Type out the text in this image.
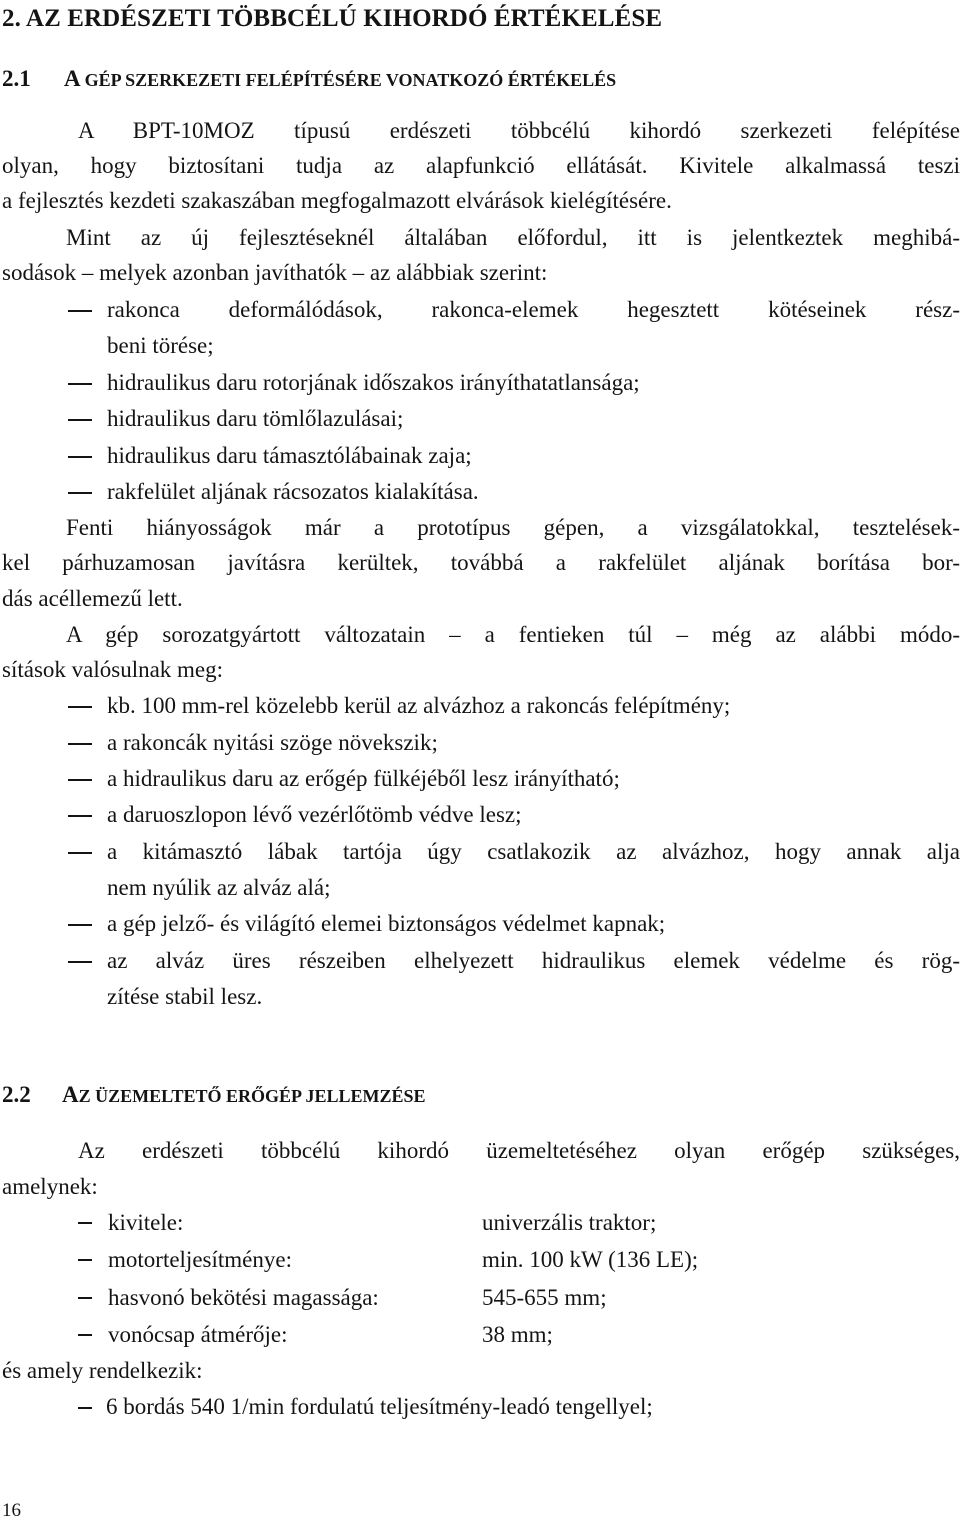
2. AZ ERDÉSZETI TÖBBCÉLÚ KIHORDÓ ÉRTÉKELÉSE
2.1 A GÉP SZERKEZETI FELÉPÍTÉSÉRE VONATKOZÓ ÉRTÉKELÉS
A BPT-10MOZ típusú erdészeti többcélú kihordó szerkezeti felépítése
olyan, hogy biztosítani tudja az alapfunkció ellátását. Kivitele alkalmassá teszi
a fejlesztés kezdeti szakaszában megfogalmazott elvárások kielégítésére.
Mint az új fejlesztéseknél általában előfordul, itt is jelentkeztek meghibá-
sodások – melyek azonban javíthatók – az alábbiak szerint:
rakonca deformálódások, rakonca-elemek hegesztett kötéseinek rész-
beni törése;
hidraulikus daru rotorjának időszakos irányíthatatlansága;
hidraulikus daru tömlőlazulásai;
hidraulikus daru támasztólábainak zaja;
rakfelület aljának rácsozatos kialakítása.
Fenti hiányosságok már a prototípus gépen, a vizsgálatokkal, tesztelések-
kel párhuzamosan javításra kerültek, továbbá a rakfelület aljának borítása bor-
dás acéllemezű lett.
A gép sorozatgyártott változatain – a fentieken túl – még az alábbi módo-
sítások valósulnak meg:
kb. 100 mm-rel közelebb kerül az alvázhoz a rakoncás felépítmény;
a rakoncák nyitási szöge növekszik;
a hidraulikus daru az erőgép fülkéjéből lesz irányítható;
a daruoszlopon lévő vezérlőtömb védve lesz;
a kitámasztó lábak tartója úgy csatlakozik az alvázhoz, hogy annak alja
nem nyúlik az alváz alá;
a gép jelző- és világító elemei biztonságos védelmet kapnak;
az alváz üres részeiben elhelyezett hidraulikus elemek védelme és rög-
zítése stabil lesz.
2.2 AZ ÜZEMELTETŐ ERŐGÉP JELLEMZÉSE
Az erdészeti többcélú kihordó üzemeltetéséhez olyan erőgép szükséges,
amelynek:
kivitele:	univerzális traktor;
motorteljesítménye:	min. 100 kW (136 LE);
hasvonó bekötési magassága:	545-655 mm;
vonócsap átmérője:	38 mm;
és amely rendelkezik:
6 bordás 540 1/min fordulatú teljesítmény-leadó tengellyel;
16
